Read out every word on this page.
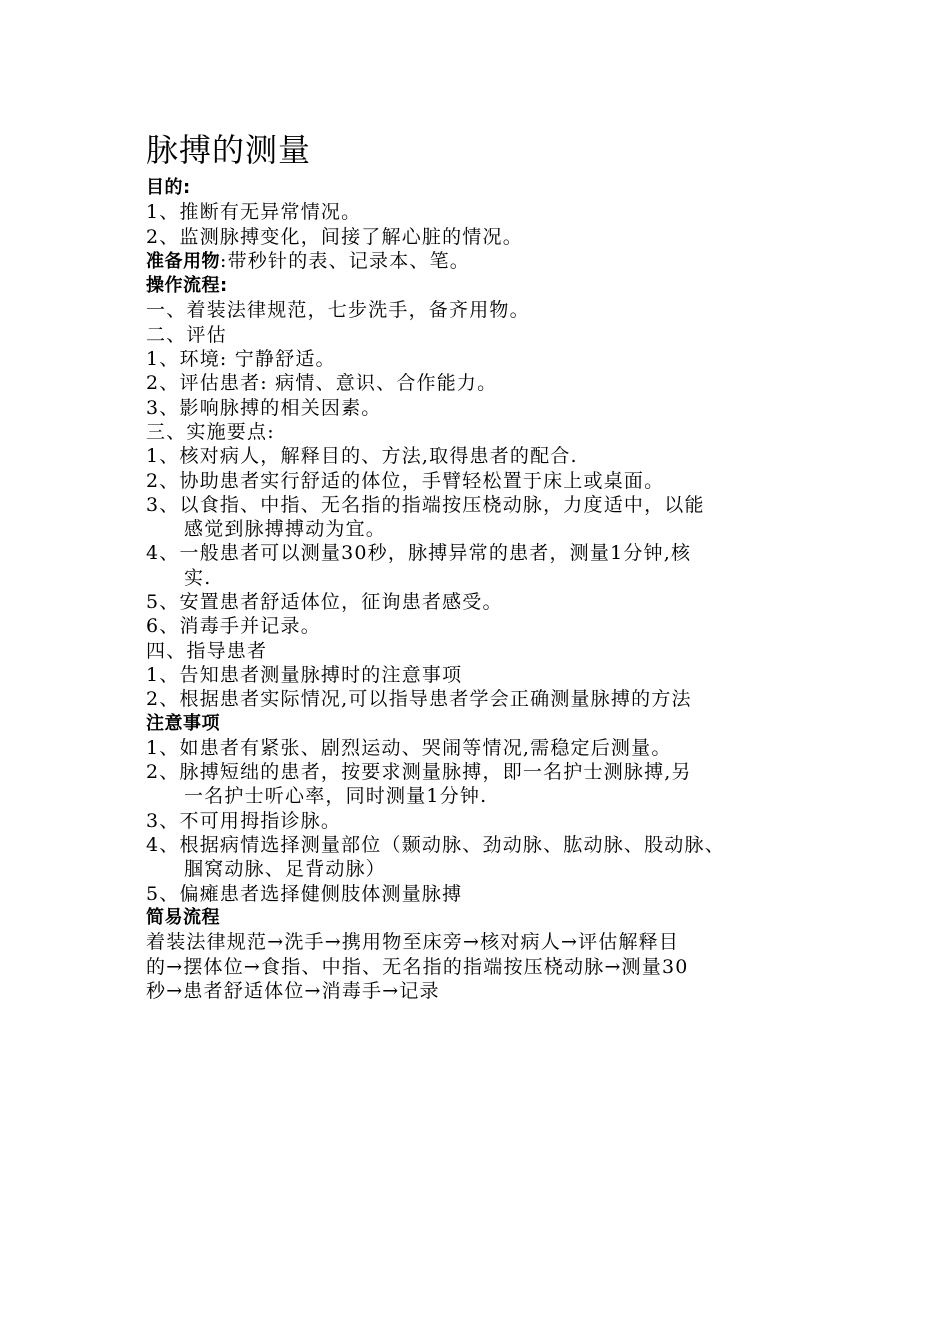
脉搏的测量
目的:
1、推断有无异常情况。
2、监测脉搏变化，间接了解心脏的情况。
准备用物:带秒针的表、记录本、笔。
操作流程:
一、着装法律规范，七步洗手，备齐用物。
二、评估
1、环境: 宁静舒适。
2、评估患者: 病情、意识、合作能力。
3、影响脉搏的相关因素。
三、实施要点:
1、核对病人，解释目的、方法,取得患者的配合.
2、协助患者实行舒适的体位，手臂轻松置于床上或桌面。
3、以食指、中指、无名指的指端按压桡动脉，力度适中，以能
感觉到脉搏搏动为宜。
4、一般患者可以测量30秒，脉搏异常的患者，测量1分钟,核
实.
5、安置患者舒适体位，征询患者感受。
6、消毒手并记录。
四、指导患者
1、告知患者测量脉搏时的注意事项
2、根据患者实际情况,可以指导患者学会正确测量脉搏的方法
注意事项
1、如患者有紧张、剧烈运动、哭闹等情况,需稳定后测量。
2、脉搏短绌的患者，按要求测量脉搏，即一名护士测脉搏,另
一名护士听心率，同时测量1分钟.
3、不可用拇指诊脉。
4、根据病情选择测量部位（颞动脉、劲动脉、肱动脉、股动脉、
腘窝动脉、足背动脉）
5、偏瘫患者选择健侧肢体测量脉搏
简易流程
着装法律规范→洗手→携用物至床旁→核对病人→评估解释目
的→摆体位→食指、中指、无名指的指端按压桡动脉→测量30
秒→患者舒适体位→消毒手→记录
